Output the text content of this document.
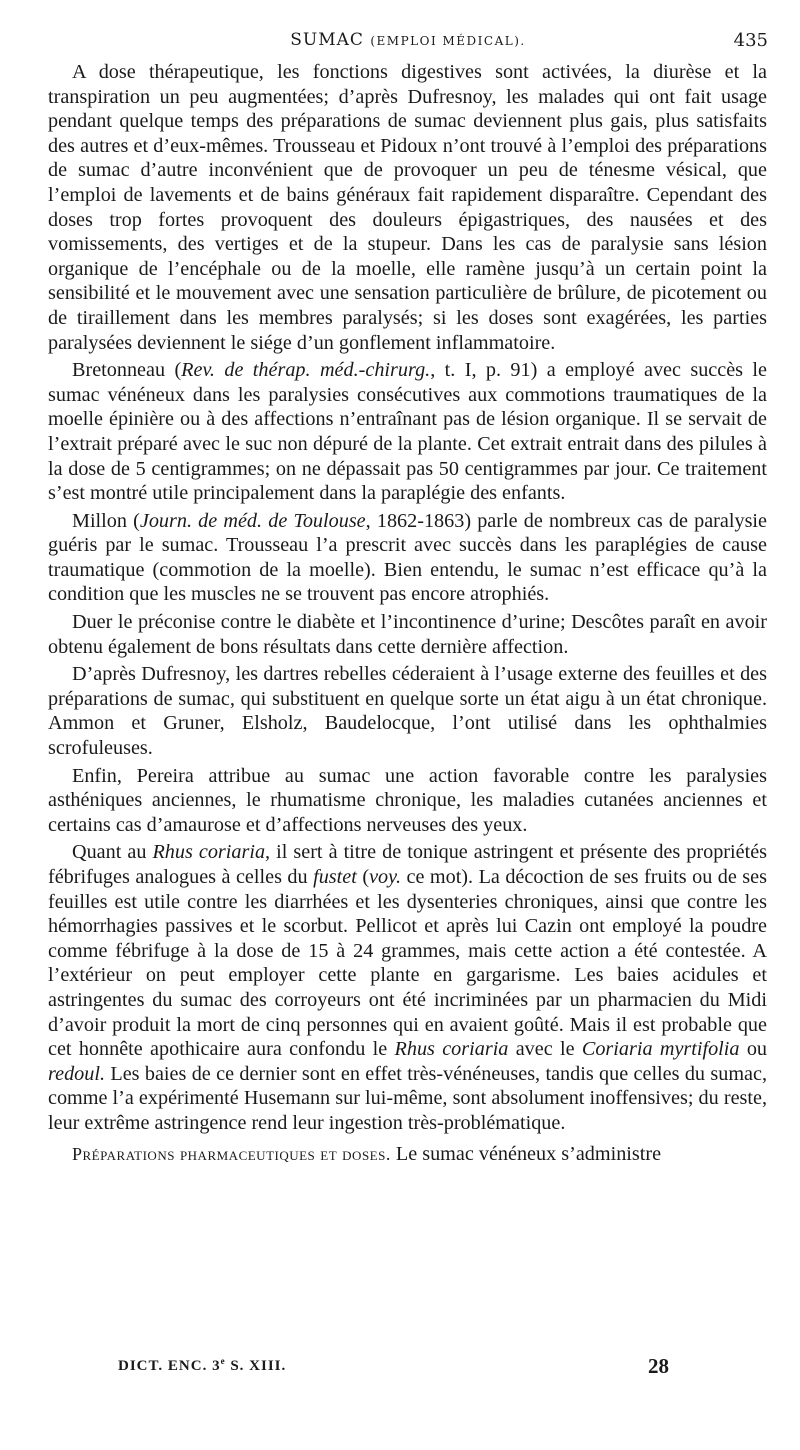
SUMAC (EMPLOI MÉDICAL).	435

A dose thérapeutique, les fonctions digestives sont activées, la diurèse et la transpiration un peu augmentées; d’après Dufresnoy, les malades qui ont fait usage pendant quelque temps des préparations de sumac deviennent plus gais, plus satisfaits des autres et d’eux-mêmes. Trousseau et Pidoux n’ont trouvé à l’emploi des préparations de sumac d’autre inconvénient que de provoquer un peu de ténesme vésical, que l’emploi de lavements et de bains généraux fait rapidement disparaître. Cependant des doses trop fortes provoquent des douleurs épigastriques, des nausées et des vomissements, des vertiges et de la stupeur. Dans les cas de paralysie sans lésion organique de l’encéphale ou de la moelle, elle ramène jusqu’à un certain point la sensibilité et le mouvement avec une sensation particulière de brûlure, de picotement ou de tiraillement dans les membres paralysés; si les doses sont exagérées, les parties paralysées deviennent le siége d’un gonflement inflammatoire.

Bretonneau (Rev. de thérap. méd.-chirurg., t. I, p. 91) a employé avec succès le sumac vénéneux dans les paralysies consécutives aux commotions traumatiques de la moelle épinière ou à des affections n’entraînant pas de lésion organique. Il se servait de l’extrait préparé avec le suc non dépuré de la plante. Cet extrait entrait dans des pilules à la dose de 5 centigrammes; on ne dépassait pas 50 centigrammes par jour. Ce traitement s’est montré utile principalement dans la paraplégie des enfants.

Millon (Journ. de méd. de Toulouse, 1862-1863) parle de nombreux cas de paralysie guéris par le sumac. Trousseau l’a prescrit avec succès dans les paraplégies de cause traumatique (commotion de la moelle). Bien entendu, le sumac n’est efficace qu’à la condition que les muscles ne se trouvent pas encore atrophiés.

Duer le préconise contre le diabète et l’incontinence d’urine; Descôtes paraît en avoir obtenu également de bons résultats dans cette dernière affection.

D’après Dufresnoy, les dartres rebelles céderaient à l’usage externe des feuilles et des préparations de sumac, qui substituent en quelque sorte un état aigu à un état chronique. Ammon et Gruner, Elsholz, Baudelocque, l’ont utilisé dans les ophthalmies scrofuleuses.

Enfin, Pereira attribue au sumac une action favorable contre les paralysies asthéniques anciennes, le rhumatisme chronique, les maladies cutanées anciennes et certains cas d’amaurose et d’affections nerveuses des yeux.

Quant au Rhus coriaria, il sert à titre de tonique astringent et présente des propriétés fébrifuges analogues à celles du fustet (voy. ce mot). La décoction de ses fruits ou de ses feuilles est utile contre les diarrhées et les dysenteries chroniques, ainsi que contre les hémorrhagies passives et le scorbut. Pellicot et après lui Cazin ont employé la poudre comme fébrifuge à la dose de 15 à 24 grammes, mais cette action a été contestée. A l’extérieur on peut employer cette plante en gargarisme. Les baies acidules et astringentes du sumac des corroyeurs ont été incriminées par un pharmacien du Midi d’avoir produit la mort de cinq personnes qui en avaient goûté. Mais il est probable que cet honnête apothicaire aura confondu le Rhus coriaria avec le Coriaria myrtifolia ou redoul. Les baies de ce dernier sont en effet très-vénéneuses, tandis que celles du sumac, comme l’a expérimenté Husemann sur lui-même, sont absolument inoffensives; du reste, leur extrême astringence rend leur ingestion très-problématique.

Préparations pharmaceutiques et doses. Le sumac vénéneux s’administre

DICT. ENC. 3e S. XIII.	28
